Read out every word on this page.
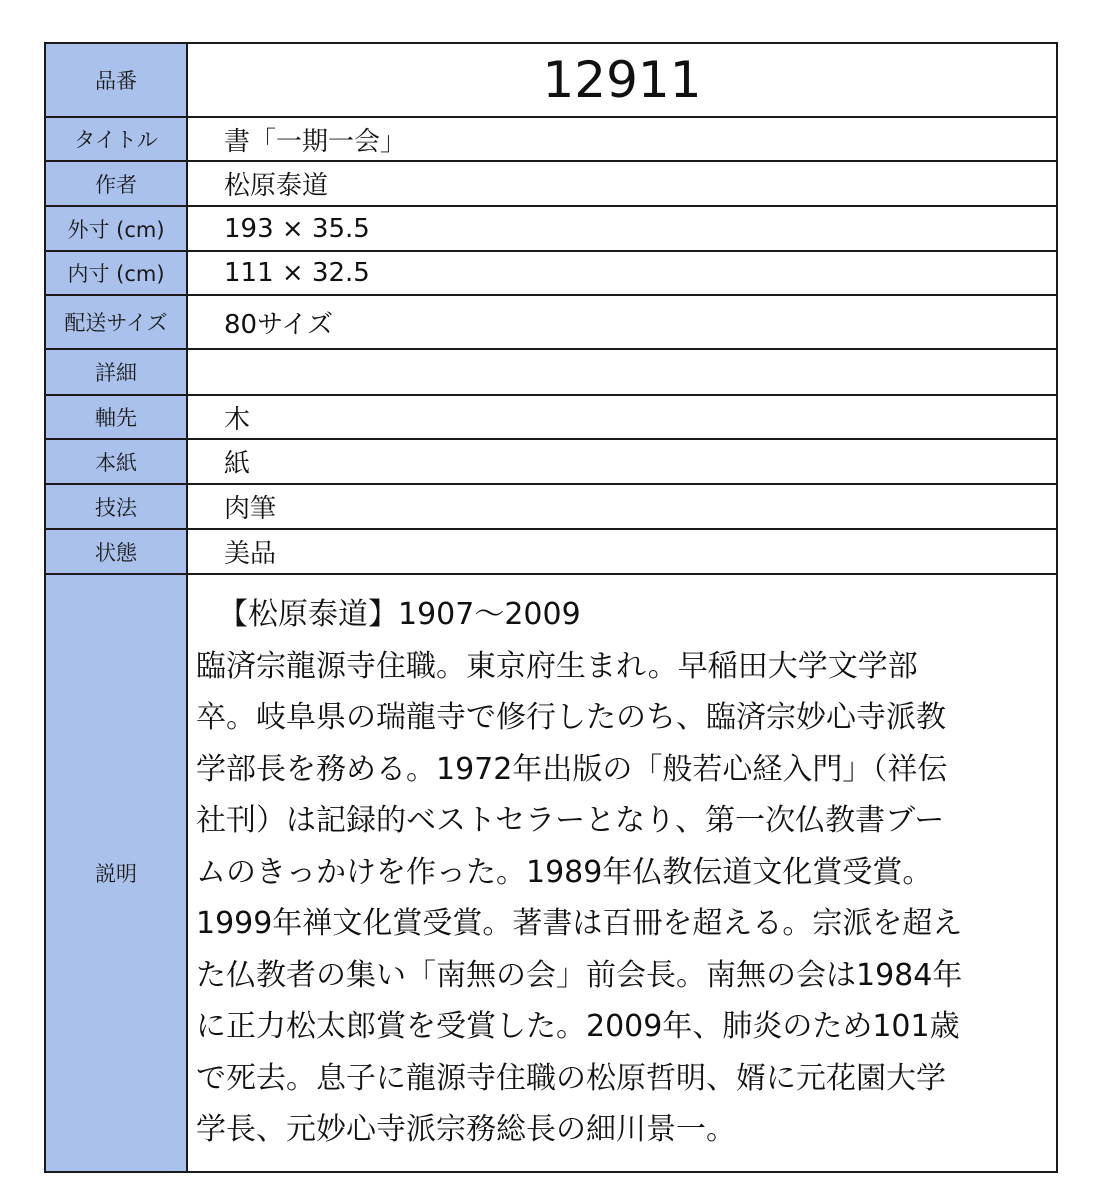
品番	12911
タイトル	書「一期一会」
作者	松原泰道
外寸 (cm)	193 × 35.5
内寸 (cm)	111 × 32.5
配送サイズ	80サイズ
詳細
軸先	木
本紙	紙
技法	肉筆
状態	美品
説明
【松原泰道】1907～2009
臨済宗龍源寺住職。東京府生まれ。早稲田大学文学部
卒。岐阜県の瑞龍寺で修行したのち、臨済宗妙心寺派教
学部長を務める。1972年出版の「般若心経入門」（祥伝
社刊）は記録的ベストセラーとなり、第一次仏教書ブー
ムのきっかけを作った。1989年仏教伝道文化賞受賞。
1999年禅文化賞受賞。著書は百冊を超える。宗派を超え
た仏教者の集い「南無の会」前会長。南無の会は1984年
に正力松太郎賞を受賞した。2009年、肺炎のため101歳
で死去。息子に龍源寺住職の松原哲明、婿に元花園大学
学長、元妙心寺派宗務総長の細川景一。
